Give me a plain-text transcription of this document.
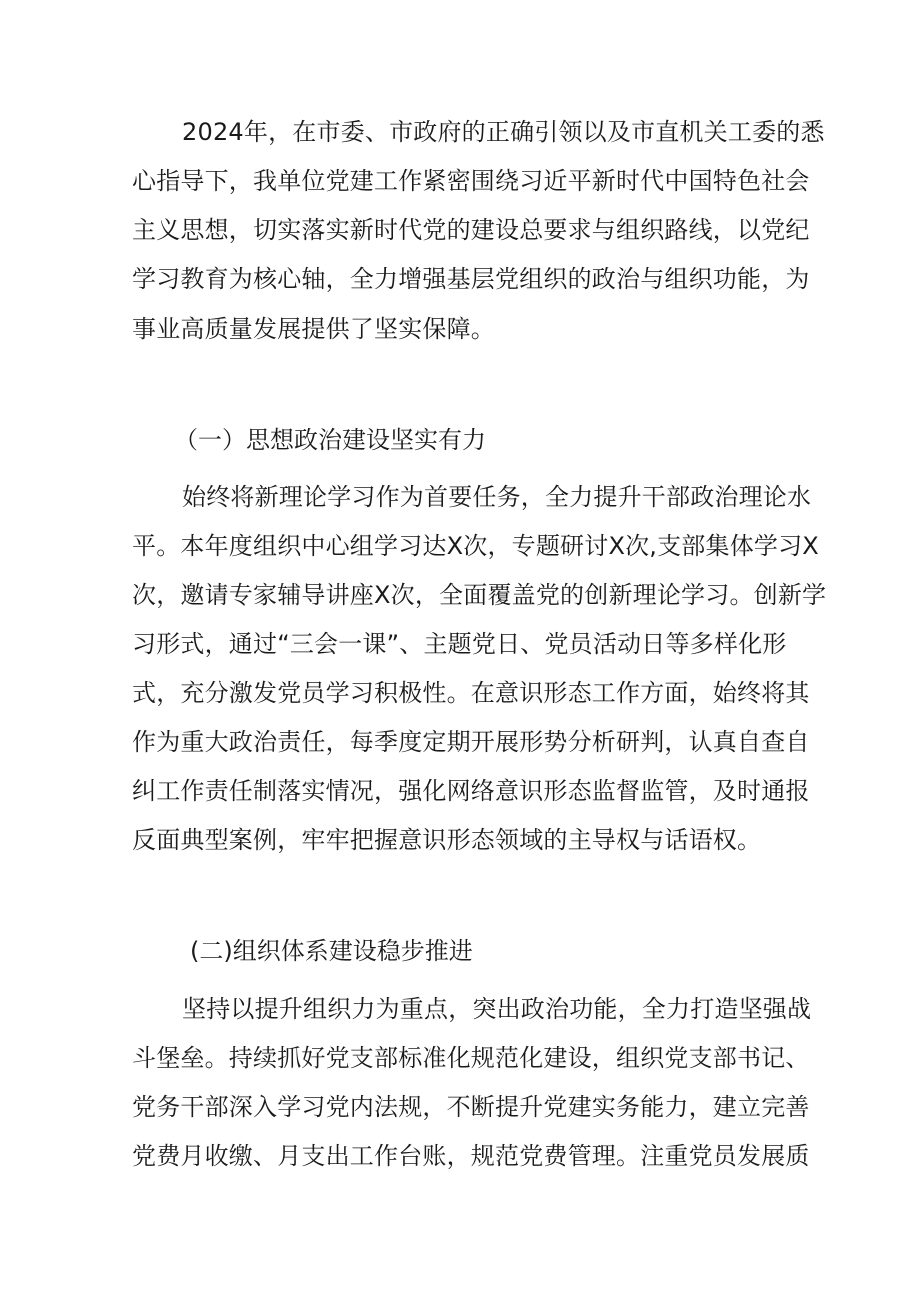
2024年，在市委、市政府的正确引领以及市直机关工委的悉
心指导下，我单位党建工作紧密围绕习近平新时代中国特色社会
主义思想，切实落实新时代党的建设总要求与组织路线，以党纪
学习教育为核心轴，全力增强基层党组织的政治与组织功能，为
事业高质量发展提供了坚实保障。
（一）思想政治建设坚实有力
始终将新理论学习作为首要任务，全力提升干部政治理论水
平。本年度组织中心组学习达X次，专题研讨X次,支部集体学习X
次，邀请专家辅导讲座X次，全面覆盖党的创新理论学习。创新学
习形式，通过“三会一课”、主题党日、党员活动日等多样化形
式，充分激发党员学习积极性。在意识形态工作方面，始终将其
作为重大政治责任，每季度定期开展形势分析研判，认真自查自
纠工作责任制落实情况，强化网络意识形态监督监管，及时通报
反面典型案例，牢牢把握意识形态领域的主导权与话语权。
(二)组织体系建设稳步推进
坚持以提升组织力为重点，突出政治功能，全力打造坚强战
斗堡垒。持续抓好党支部标准化规范化建设，组织党支部书记、
党务干部深入学习党内法规，不断提升党建实务能力，建立完善
党费月收缴、月支出工作台账，规范党费管理。注重党员发展质
